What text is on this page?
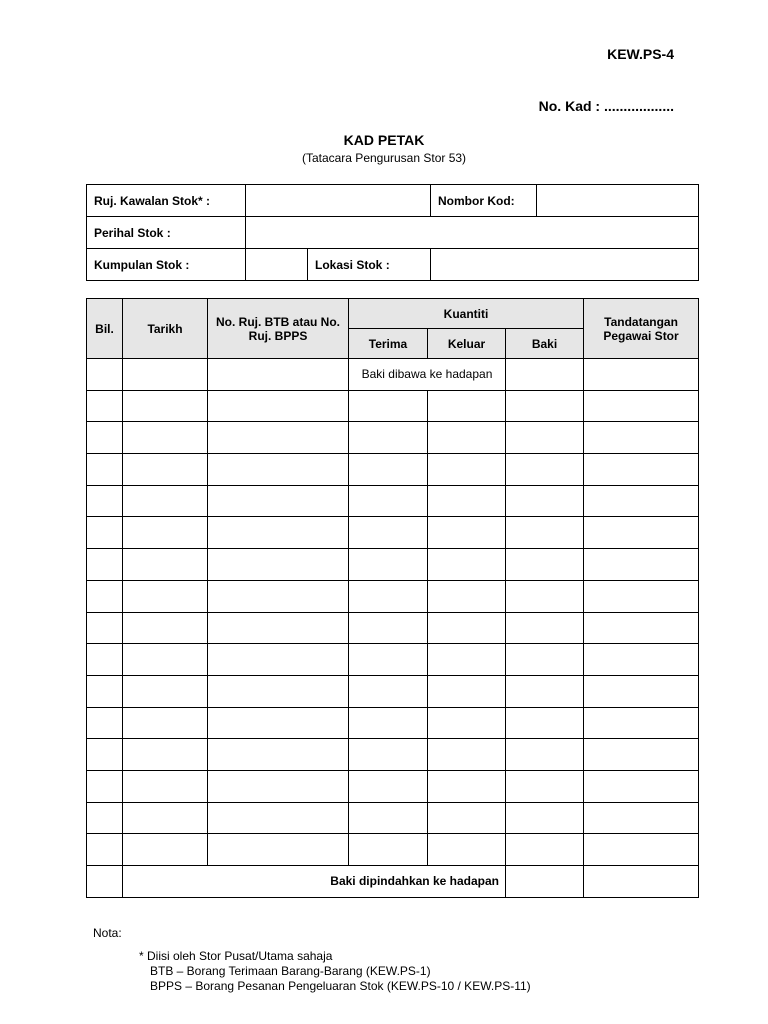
KEW.PS-4
No. Kad : ..................
KAD PETAK
(Tatacara Pengurusan Stor 53)
Ruj. Kawalan Stok* :			Nombor Kod:	
Perihal Stok :				
Kumpulan Stok :		Lokasi Stok :		
Bil.	Tarikh	No. Ruj. BTB atau No. Ruj. BPPS	Kuantiti			Tandatangan Pegawai Stor
			Terima	Keluar	Baki	
			Baki dibawa ke hadapan			

	Baki dipindahkan ke hadapan					
Nota:
* Diisi oleh Stor Pusat/Utama sahaja
BTB – Borang Terimaan Barang-Barang (KEW.PS-1)
BPPS – Borang Pesanan Pengeluaran Stok (KEW.PS-10 / KEW.PS-11)
